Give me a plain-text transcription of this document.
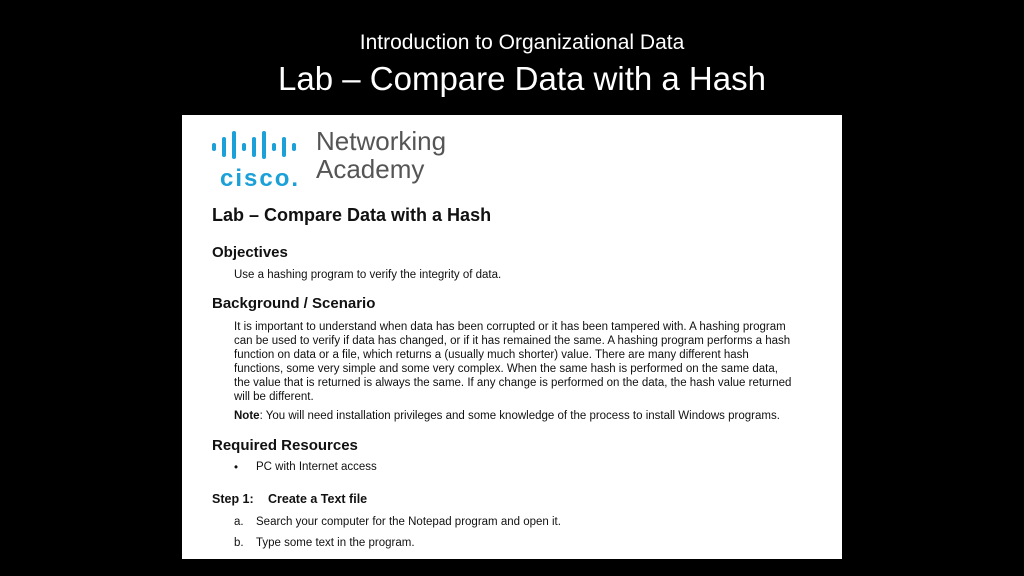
Introduction to Organizational Data
Lab – Compare Data with a Hash
cisco.
Networking
Academy
Lab – Compare Data with a Hash
Objectives
Use a hashing program to verify the integrity of data.
Background / Scenario
It is important to understand when data has been corrupted or it has been tampered with. A hashing program
can be used to verify if data has changed, or if it has remained the same. A hashing program performs a hash
function on data or a file, which returns a (usually much shorter) value. There are many different hash
functions, some very simple and some very complex. When the same hash is performed on the same data,
the value that is returned is always the same. If any change is performed on the data, the hash value returned
will be different.
Note: You will need installation privileges and some knowledge of the process to install Windows programs.
Required Resources
• PC with Internet access
Step 1: Create a Text file
a. Search your computer for the Notepad program and open it.
b. Type some text in the program.
